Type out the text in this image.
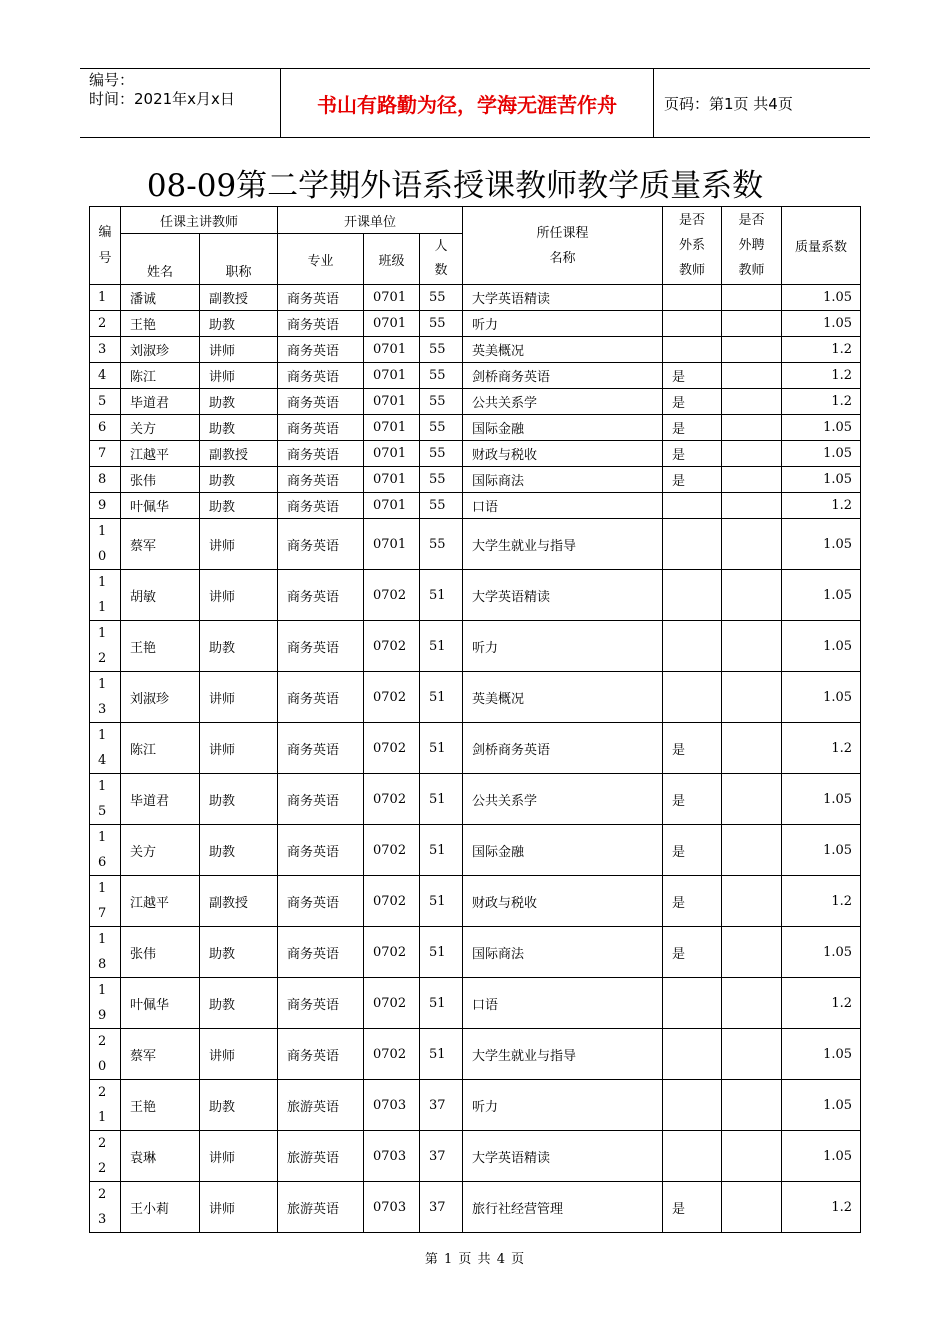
编号：
时间：2021年x月x日	书山有路勤为径，学海无涯苦作舟	页码：第1页 共4页
08-09第二学期外语系授课教师教学质量系数
编号	任课主讲教师		开课单位			所任课程名称	是否外系教师	是否外聘教师	质量系数
	姓名	职称	专业	班级	人数				
1	潘诚	副教授	商务英语	0701	55	大学英语精读			1.05
2	王艳	助教	商务英语	0701	55	听力			1.05
3	刘淑珍	讲师	商务英语	0701	55	英美概况			1.2
4	陈江	讲师	商务英语	0701	55	剑桥商务英语	是		1.2
5	毕道君	助教	商务英语	0701	55	公共关系学	是		1.2
6	关方	助教	商务英语	0701	55	国际金融	是		1.05
7	江越平	副教授	商务英语	0701	55	财政与税收	是		1.05
8	张伟	助教	商务英语	0701	55	国际商法	是		1.05
9	叶佩华	助教	商务英语	0701	55	口语			1.2
10	蔡军	讲师	商务英语	0701	55	大学生就业与指导			1.05
11	胡敏	讲师	商务英语	0702	51	大学英语精读			1.05
12	王艳	助教	商务英语	0702	51	听力			1.05
13	刘淑珍	讲师	商务英语	0702	51	英美概况			1.05
14	陈江	讲师	商务英语	0702	51	剑桥商务英语	是		1.2
15	毕道君	助教	商务英语	0702	51	公共关系学	是		1.05
16	关方	助教	商务英语	0702	51	国际金融	是		1.05
17	江越平	副教授	商务英语	0702	51	财政与税收	是		1.2
18	张伟	助教	商务英语	0702	51	国际商法	是		1.05
19	叶佩华	助教	商务英语	0702	51	口语			1.2
20	蔡军	讲师	商务英语	0702	51	大学生就业与指导			1.05
21	王艳	助教	旅游英语	0703	37	听力			1.05
22	袁琳	讲师	旅游英语	0703	37	大学英语精读			1.05
23	王小莉	讲师	旅游英语	0703	37	旅行社经营管理	是		1.2
第 1 页 共 4 页
